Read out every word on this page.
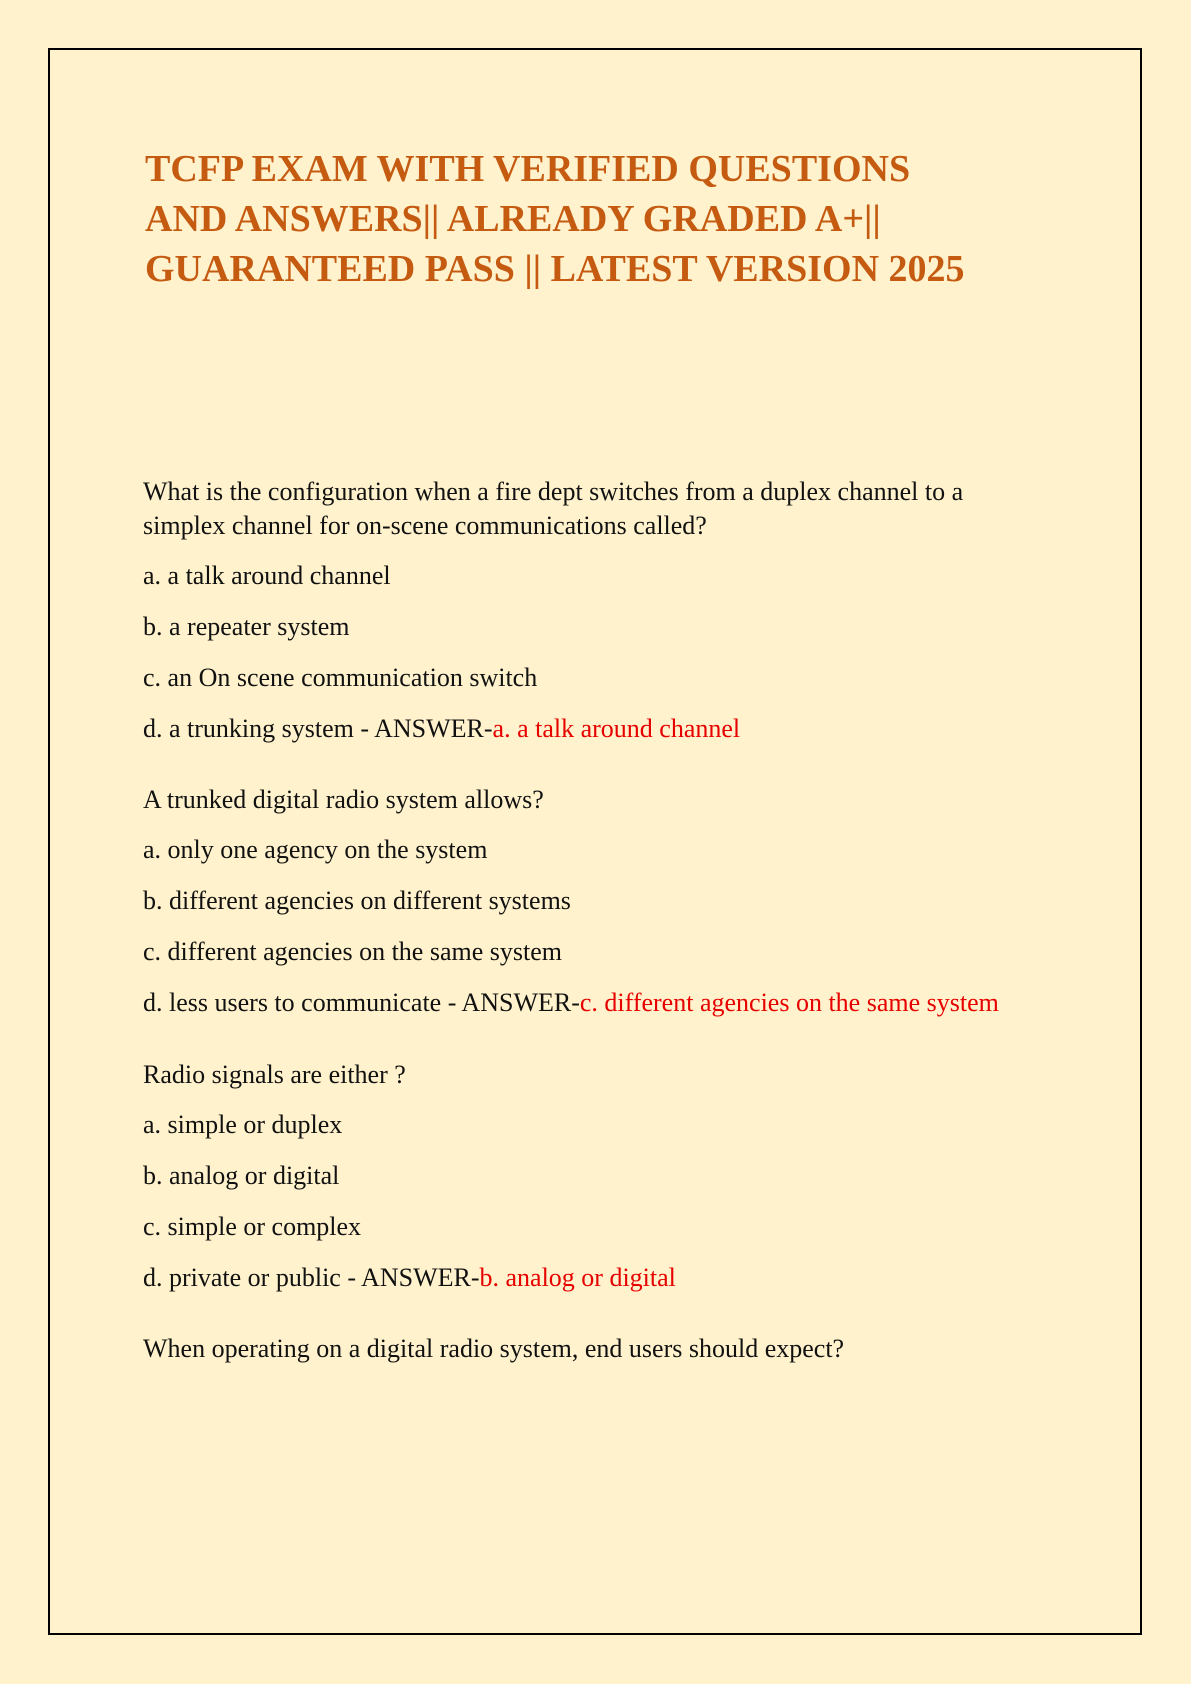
TCFP EXAM WITH VERIFIED QUESTIONS
AND ANSWERS|| ALREADY GRADED A+||
GUARANTEED PASS || LATEST VERSION 2025

What is the configuration when a fire dept switches from a duplex channel to a simplex channel for on-scene communications called?

a. a talk around channel

b. a repeater system

c. an On scene communication switch

d. a trunking system - ANSWER-a. a talk around channel

A trunked digital radio system allows?

a. only one agency on the system

b. different agencies on different systems

c. different agencies on the same system

d. less users to communicate - ANSWER-c. different agencies on the same system

Radio signals are either ?

a. simple or duplex

b. analog or digital

c. simple or complex

d. private or public - ANSWER-b. analog or digital

When operating on a digital radio system, end users should expect?
